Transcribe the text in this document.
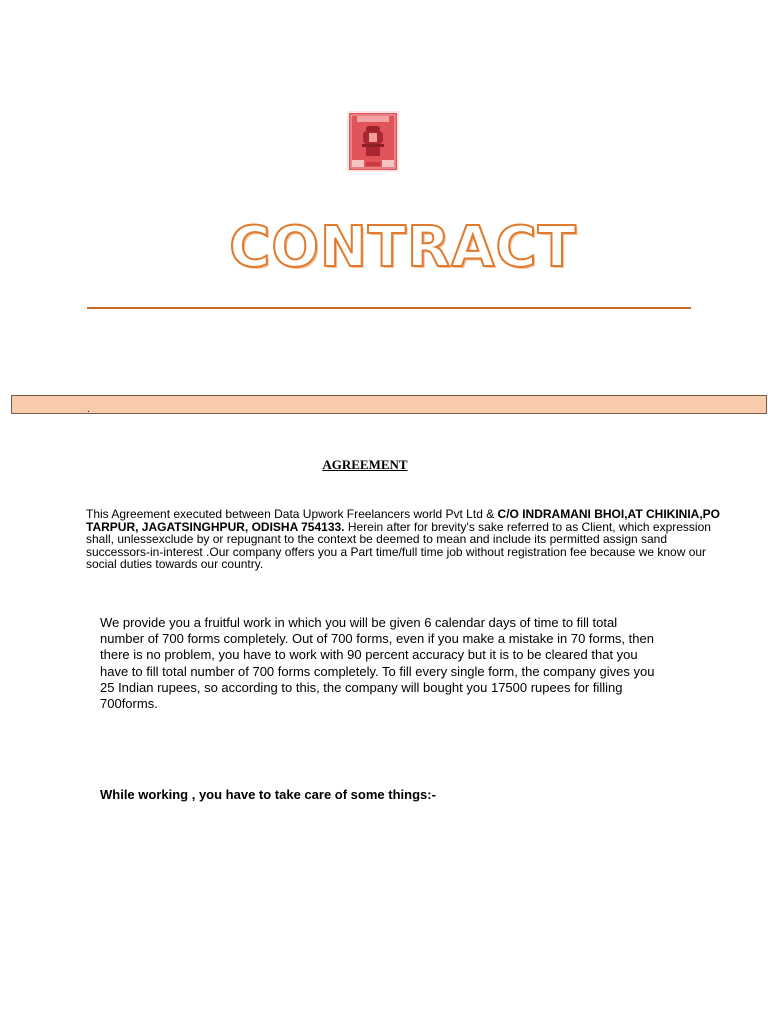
CONTRACT
.
AGREEMENT
This Agreement executed between Data Upwork Freelancers world Pvt Ltd & C/O INDRAMANI BHOI,AT CHIKINIA,PO TARPUR, JAGATSINGHPUR, ODISHA 754133. Herein after for brevity's sake referred to as Client, which expression shall, unlessexclude by or repugnant to the context be deemed to mean and include its permitted assign sand successors-in-interest .Our company offers you a Part time/full time job without registration fee because we know our social duties towards our country.
We provide you a fruitful work in which you will be given 6 calendar days of time to fill total number of 700 forms completely. Out of 700 forms, even if you make a mistake in 70 forms, then there is no problem, you have to work with 90 percent accuracy but it is to be cleared that you have to fill total number of 700 forms completely. To fill every single form, the company gives you 25 Indian rupees, so according to this, the company will bought you 17500 rupees for filling 700forms.
While working , you have to take care of some things:-
